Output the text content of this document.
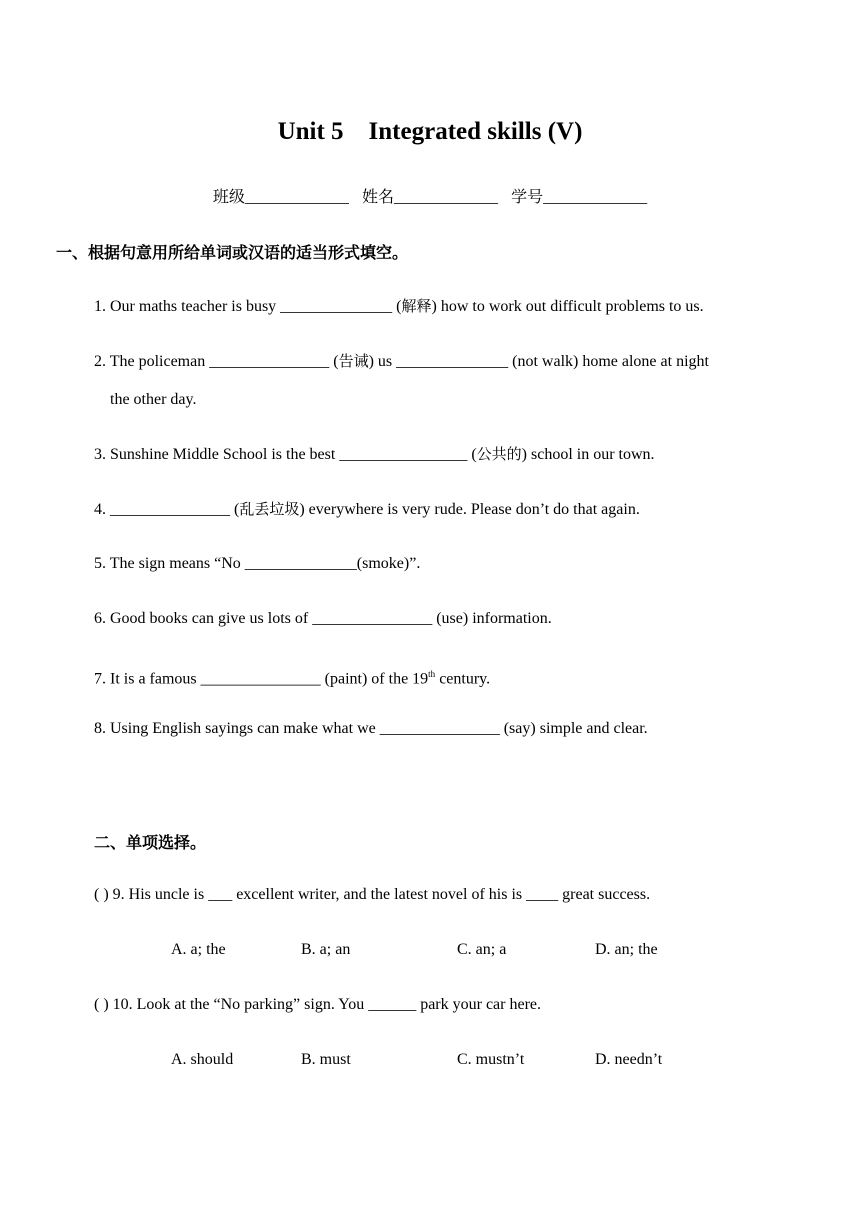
Unit 5    Integrated skills (V)
班级_____________ 姓名_____________ 学号_____________
一、根据句意用所给单词或汉语的适当形式填空。
1. Our maths teacher is busy ______________ (解释) how to work out difficult problems to us.
2. The policeman _______________ (告诫) us ______________ (not walk) home alone at night
the other day.
3. Sunshine Middle School is the best ________________ (公共的) school in our town.
4. _______________ (乱丢垃圾) everywhere is very rude. Please don’t do that again.
5. The sign means “No ______________(smoke)”.
6. Good books can give us lots of _______________ (use) information.
7. It is a famous _______________ (paint) of the 19th century.
8. Using English sayings can make what we _______________ (say) simple and clear.
二、单项选择。
( ) 9. His uncle is ___ excellent writer, and the latest novel of his is ____ great success.
A. a; the	B. a; an	C. an; a	D. an; the
( ) 10. Look at the “No parking” sign. You ______ park your car here.
A. should	B. must	C. mustn’t	D. needn’t
